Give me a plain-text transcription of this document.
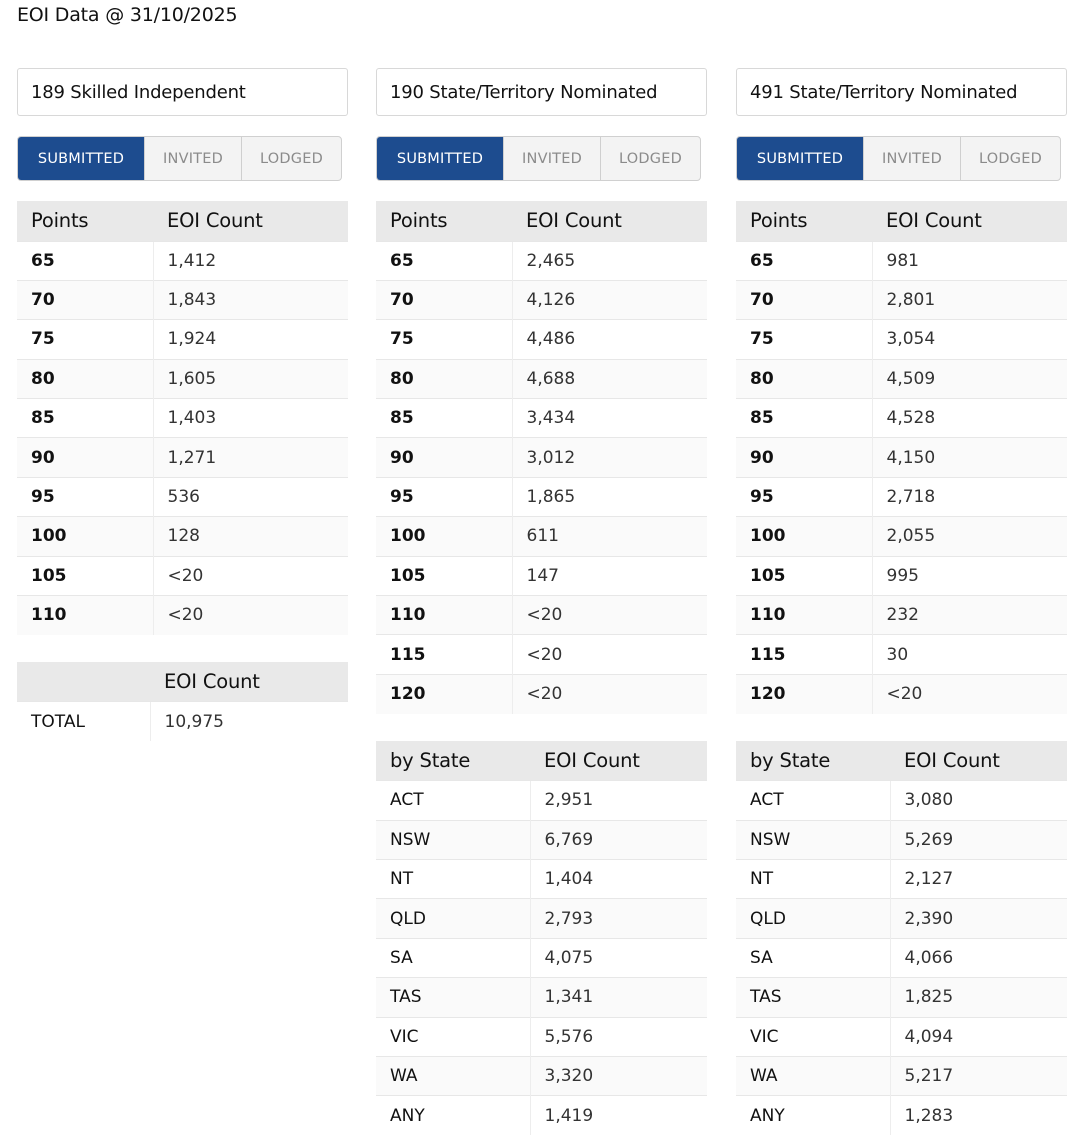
EOI Data @ 31/10/2025
189 Skilled Independent
SUBMITTED	INVITED	LODGED
Points	EOI Count
65	1,412
70	1,843
75	1,924
80	1,605
85	1,403
90	1,271
95	536
100	128
105	<20
110	<20
	EOI Count
TOTAL	10,975
190 State/Territory Nominated
SUBMITTED	INVITED	LODGED
Points	EOI Count
65	2,465
70	4,126
75	4,486
80	4,688
85	3,434
90	3,012
95	1,865
100	611
105	147
110	<20
115	<20
120	<20
by State	EOI Count
ACT	2,951
NSW	6,769
NT	1,404
QLD	2,793
SA	4,075
TAS	1,341
VIC	5,576
WA	3,320
ANY	1,419
491 State/Territory Nominated
SUBMITTED	INVITED	LODGED
Points	EOI Count
65	981
70	2,801
75	3,054
80	4,509
85	4,528
90	4,150
95	2,718
100	2,055
105	995
110	232
115	30
120	<20
by State	EOI Count
ACT	3,080
NSW	5,269
NT	2,127
QLD	2,390
SA	4,066
TAS	1,825
VIC	4,094
WA	5,217
ANY	1,283
